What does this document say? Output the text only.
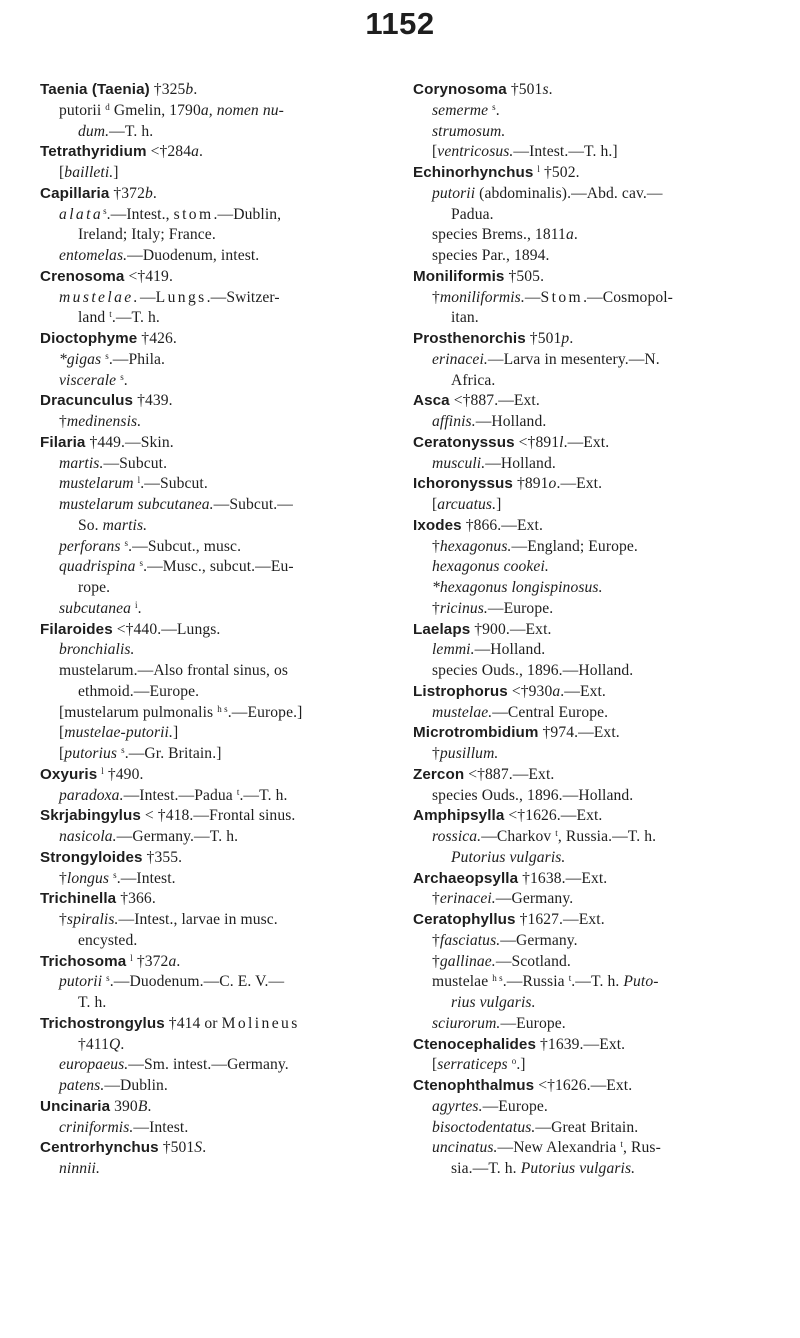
1152
Taenia (Taenia) †325b.
putorii $^d$ Gmelin, 1790a, nomen nu-
dum.—T. h.
Tetrathyridium <†284a.
[bailleti.]
Capillaria †372b.
alata$^s$.—Intest., stom.—Dublin,
Ireland; Italy; France.
entomelas.—Duodenum, intest.
Crenosoma <†419.
mustelae.—Lungs.—Switzer-
land $^t$.—T. h.
Dioctophyme †426.
*gigas $^s$.—Phila.
viscerale $^s$.
Dracunculus †439.
†medinensis.
Filaria †449.—Skin.
martis.—Subcut.
mustelarum $^l$.—Subcut.
mustelarum subcutanea.—Subcut.—
So. martis.
perforans $^s$.—Subcut., musc.
quadrispina $^s$.—Musc., subcut.—Eu-
rope.
subcutanea $^i$.
Filaroides <†440.—Lungs.
bronchialis.
mustelarum.—Also frontal sinus, os
ethmoid.—Europe.
[mustelarum pulmonalis $^{h s}$.—Europe.]
[mustelae-putorii.]
[putorius $^s$.—Gr. Britain.]
Oxyuris $^l$ †490.
paradoxa.—Intest.—Padua $^t$.—T. h.
Skrjabingylus < †418.—Frontal sinus.
nasicola.—Germany.—T. h.
Strongyloides †355.
†longus $^s$.—Intest.
Trichinella †366.
†spiralis.—Intest., larvae in musc.
encysted.
Trichosoma $^l$ †372a.
putorii $^s$.—Duodenum.—C. E. V.—
T. h.
Trichostrongylus †414 or Molineus
†411Q.
europaeus.—Sm. intest.—Germany.
patens.—Dublin.
Uncinaria 390B.
criniformis.—Intest.
Centrorhynchus †501S.
ninnii.
Corynosoma †501s.
semerme $^s$.
strumosum.
[ventricosus.—Intest.—T. h.]
Echinorhynchus $^l$ †502.
putorii (abdominalis).—Abd. cav.—
Padua.
species Brems., 1811a.
species Par., 1894.
Moniliformis †505.
†moniliformis.—Stom.—Cosmopol-
itan.
Prosthenorchis †501p.
erinacei.—Larva in mesentery.—N.
Africa.
Asca <†887.—Ext.
affinis.—Holland.
Ceratonyssus <†891l.—Ext.
musculi.—Holland.
Ichoronyssus †891o.—Ext.
[arcuatus.]
Ixodes †866.—Ext.
†hexagonus.—England; Europe.
hexagonus cookei.
*hexagonus longispinosus.
†ricinus.—Europe.
Laelaps †900.—Ext.
lemmi.—Holland.
species Ouds., 1896.—Holland.
Listrophorus <†930a.—Ext.
mustelae.—Central Europe.
Microtrombidium †974.—Ext.
†pusillum.
Zercon <†887.—Ext.
species Ouds., 1896.—Holland.
Amphipsylla <†1626.—Ext.
rossica.—Charkov $^t$, Russia.—T. h.
Putorius vulgaris.
Archaeopsylla †1638.—Ext.
†erinacei.—Germany.
Ceratophyllus †1627.—Ext.
†fasciatus.—Germany.
†gallinae.—Scotland.
mustelae $^{h s}$.—Russia $^t$.—T. h. Puto-
rius vulgaris.
sciurorum.—Europe.
Ctenocephalides †1639.—Ext.
[serraticeps $^o$.]
Ctenophthalmus <†1626.—Ext.
agyrtes.—Europe.
bisoctodentatus.—Great Britain.
uncinatus.—New Alexandria $^t$, Rus-
sia.—T. h. Putorius vulgaris.
